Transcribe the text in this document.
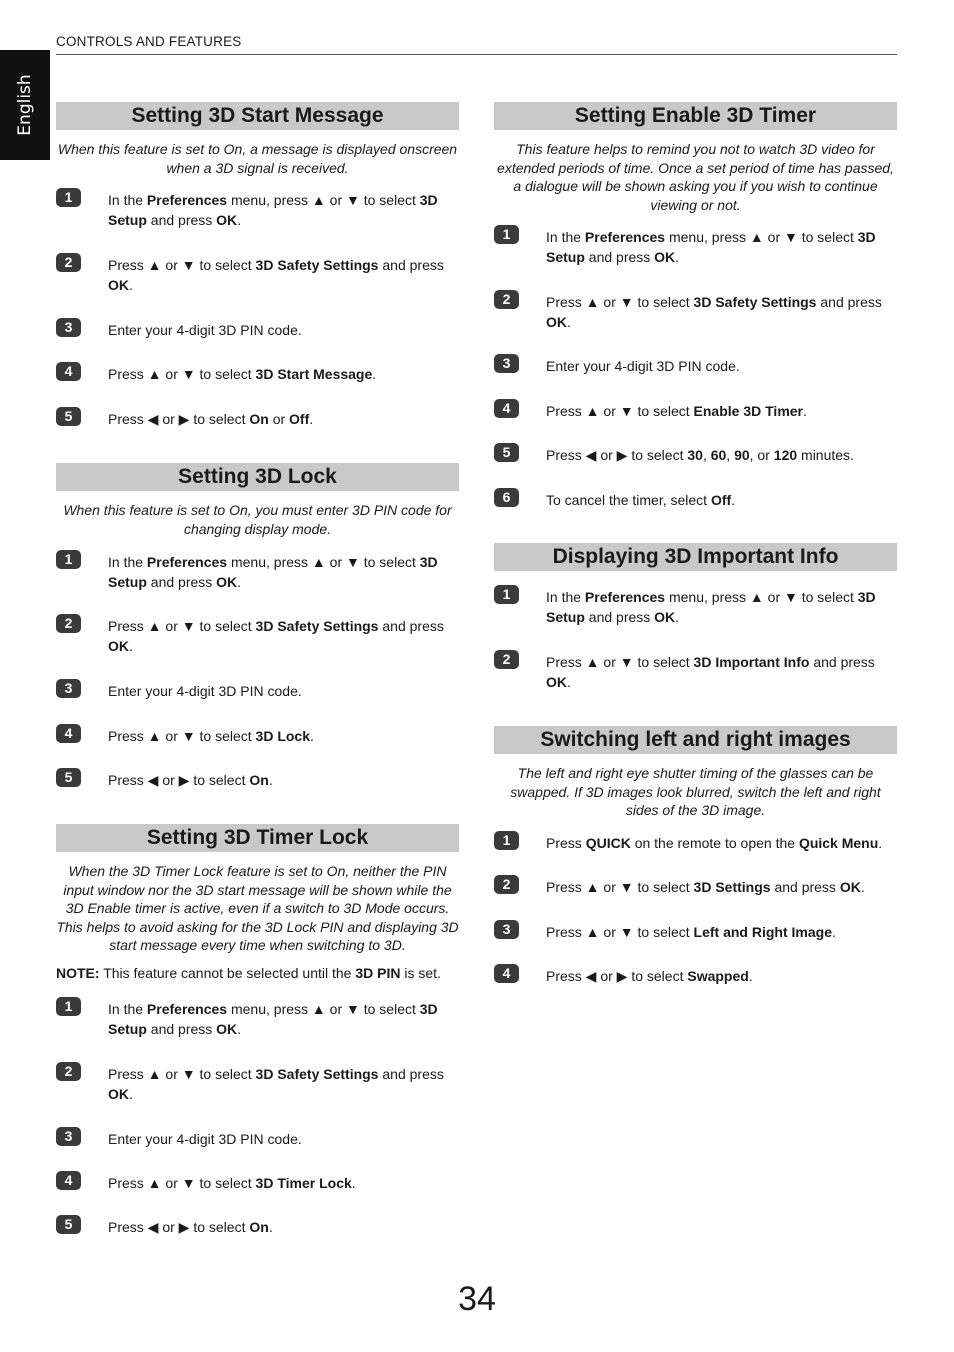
English
CONTROLS AND FEATURES
Setting 3D Start Message
When this feature is set to On, a message is displayed onscreen when a 3D signal is received.
1	In the Preferences menu, press ▲ or ▼ to select 3D Setup and press OK.
2	Press ▲ or ▼ to select 3D Safety Settings and press OK.
3	Enter your 4-digit 3D PIN code.
4	Press ▲ or ▼ to select 3D Start Message.
5	Press ◀ or ▶ to select On or Off.
Setting 3D Lock
When this feature is set to On, you must enter 3D PIN code for changing display mode.
1	In the Preferences menu, press ▲ or ▼ to select 3D Setup and press OK.
2	Press ▲ or ▼ to select 3D Safety Settings and press OK.
3	Enter your 4-digit 3D PIN code.
4	Press ▲ or ▼ to select 3D Lock.
5	Press ◀ or ▶ to select On.
Setting 3D Timer Lock
When the 3D Timer Lock feature is set to On, neither the PIN input window nor the 3D start message will be shown while the 3D Enable timer is active, even if a switch to 3D Mode occurs. This helps to avoid asking for the 3D Lock PIN and displaying 3D start message every time when switching to 3D.
NOTE: This feature cannot be selected until the 3D PIN is set.
1	In the Preferences menu, press ▲ or ▼ to select 3D Setup and press OK.
2	Press ▲ or ▼ to select 3D Safety Settings and press OK.
3	Enter your 4-digit 3D PIN code.
4	Press ▲ or ▼ to select 3D Timer Lock.
5	Press ◀ or ▶ to select On.
Setting Enable 3D Timer
This feature helps to remind you not to watch 3D video for extended periods of time. Once a set period of time has passed, a dialogue will be shown asking you if you wish to continue viewing or not.
1	In the Preferences menu, press ▲ or ▼ to select 3D Setup and press OK.
2	Press ▲ or ▼ to select 3D Safety Settings and press OK.
3	Enter your 4-digit 3D PIN code.
4	Press ▲ or ▼ to select Enable 3D Timer.
5	Press ◀ or ▶ to select 30, 60, 90, or 120 minutes.
6	To cancel the timer, select Off.
Displaying 3D Important Info
1	In the Preferences menu, press ▲ or ▼ to select 3D Setup and press OK.
2	Press ▲ or ▼ to select 3D Important Info and press OK.
Switching left and right images
The left and right eye shutter timing of the glasses can be swapped. If 3D images look blurred, switch the left and right sides of the 3D image.
1	Press QUICK on the remote to open the Quick Menu.
2	Press ▲ or ▼ to select 3D Settings and press OK.
3	Press ▲ or ▼ to select Left and Right Image.
4	Press ◀ or ▶ to select Swapped.
34
